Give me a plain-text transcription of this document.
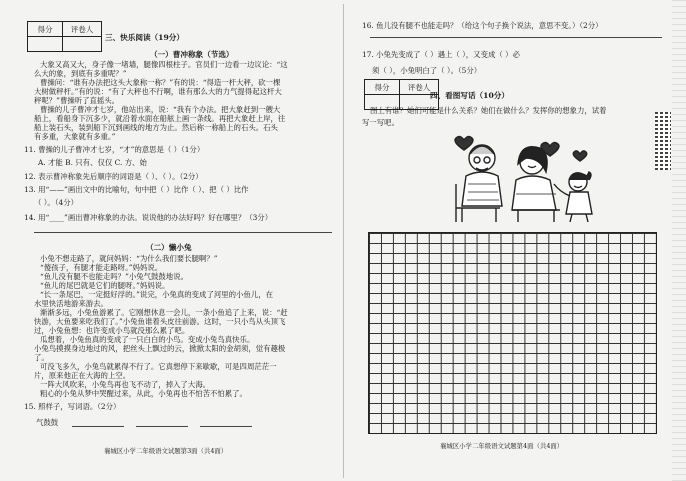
得分	评卷人

三、快乐阅读（19分）
（一）曹冲称象（节选）
大象又高又大，身子像一堵墙，腿像四根柱子。官员们一边看一边议论：“这
么大的象，到底有多重呢？”
曹操问：“谁有办法把这头大象称一称？”有的说：“得造一杆大秤，砍一棵
大树做秤杆。”有的说：“有了大秤也不行啊，谁有那么大的力气提得起这杆大
秤呢？”曹操听了直摇头。
曹操的儿子曹冲才七岁，他站出来，说：“我有个办法。把大象赶到一艘大
船上，看船身下沉多少，就沿着水面在船舷上画一条线。再把大象赶上岸，往
船上装石头，装到船下沉到画线的地方为止。然后称一称船上的石头。石头
有多重，大象就有多重。”
11. 曹操的儿子曹冲才七岁，“才”的意思是（ ）（1分）
A. 才能 B. 只有、仅仅 C. 方、始
12. 表示曹冲称象先后顺序的词语是（ ）、（ ）。（2分）
13. 用“——”画出文中的比喻句，句中把（ ）比作（ ）、把（ ）比作
（ ）。（4分）
14. 用“____”画出曹冲称象的办法。说说他的办法好吗？好在哪里？（3分）
（二）懒小兔
小兔不想走路了，就问妈妈：“为什么我们要长腿啊？”
“傻孩子，有腿才能走路呀。”妈妈说。
“鱼儿没有腿不也能走吗？”小兔气鼓鼓地说。
“鱼儿的尾巴就是它们的腿呀。”妈妈说。
“长一条尾巴，一定挺好浮的。”说完，小兔真的变成了河里的小鱼儿，在
水里快活地游来游去。
渐渐多远，小兔鱼游累了。它刚想休息一会儿，一条小鱼追了上来，说：“赶
快游，大鱼要来吃我们了。”小兔鱼谁着头皮往前游。这时，一只小鸟从头顶飞
过，小兔鱼想：也许变成小鸟就没那么累了吧。
瓜想着，小兔鱼真的变成了一只白白的小鸟。变成小兔鸟真快乐。
小兔鸟摸摸身边地过的风，把丝头上飘过的云，掀掀太阳的金胡须，觉有趣极
了。
可没飞多久，小兔鸟就累得不行了。它真想停下来歇歇，可是四周茫茫一
片，原来他正在大海的上空。
一阵大风吹来，小兔鸟再也飞不动了，掉入了大海。
粗心的小兔从梦中哭醒过来，从此，小兔再也不怕苦不怕累了。
15. 照样子，写词语。（2分）
气鼓鼓
襄城区小学二年级语文试题第3面（共4面）
16. 鱼儿没有腿不也能走吗？（给这个句子换个说法，意思不变。）（2分）
17. 小兔先变成了（ ）遇上（ ），又变成（ ）必
须（ ），小兔明白了（ ）。（5分）
得分	评卷人

四、看图写话（10分）
图上有谁？她们可能是什么关系？她们在做什么？发挥你的想象力，试着
写一写吧。
襄城区小学二年级语文试题第4面（共4面）
